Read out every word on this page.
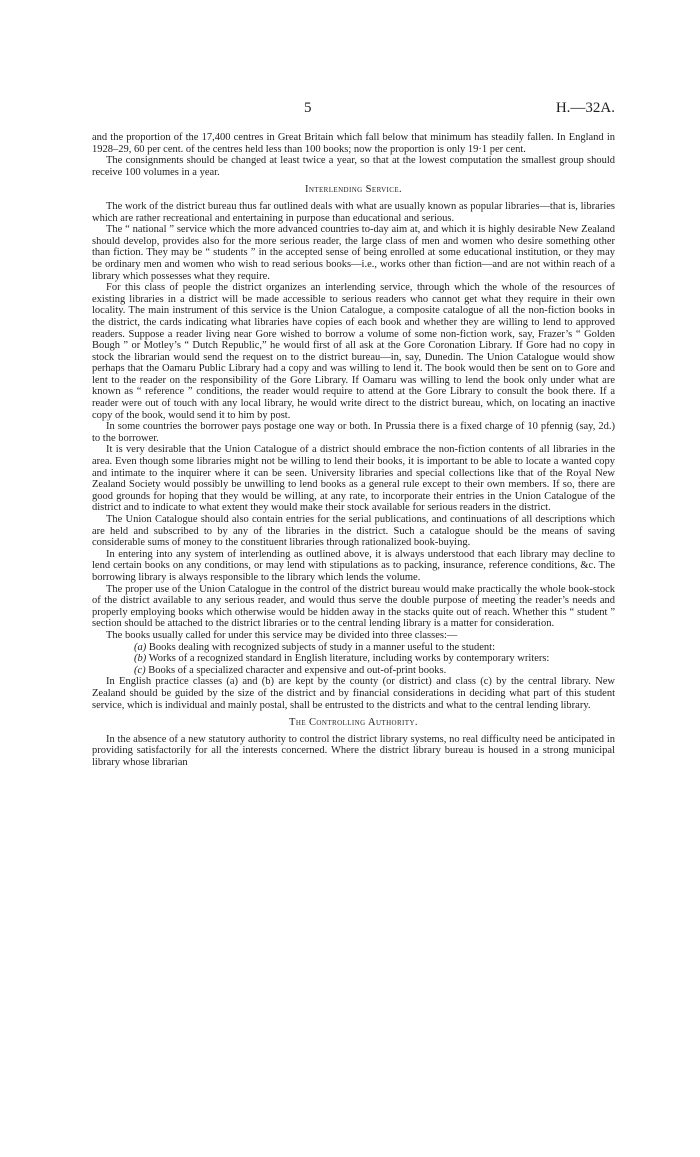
5	H.—32A.

and the proportion of the 17,400 centres in Great Britain which fall below that minimum has steadily fallen. In England in 1928–29, 60 per cent. of the centres held less than 100 books; now the proportion is only 19·1 per cent.

The consignments should be changed at least twice a year, so that at the lowest computation the smallest group should receive 100 volumes in a year.

Interlending Service.

The work of the district bureau thus far outlined deals with what are usually known as popular libraries—that is, libraries which are rather recreational and entertaining in purpose than educational and serious.

The “ national ” service which the more advanced countries to-day aim at, and which it is highly desirable New Zealand should develop, provides also for the more serious reader, the large class of men and women who desire something other than fiction. They may be “ students ” in the accepted sense of being enrolled at some educational institution, or they may be ordinary men and women who wish to read serious books—i.e., works other than fiction—and are not within reach of a library which possesses what they require.

For this class of people the district organizes an interlending service, through which the whole of the resources of existing libraries in a district will be made accessible to serious readers who cannot get what they require in their own locality. The main instrument of this service is the Union Catalogue, a composite catalogue of all the non-fiction books in the district, the cards indicating what libraries have copies of each book and whether they are willing to lend to approved readers. Suppose a reader living near Gore wished to borrow a volume of some non-fiction work, say, Frazer’s “ Golden Bough ” or Motley’s “ Dutch Republic,” he would first of all ask at the Gore Coronation Library. If Gore had no copy in stock the librarian would send the request on to the district bureau—in, say, Dunedin. The Union Catalogue would show perhaps that the Oamaru Public Library had a copy and was willing to lend it. The book would then be sent on to Gore and lent to the reader on the responsibility of the Gore Library. If Oamaru was willing to lend the book only under what are known as “ reference ” conditions, the reader would require to attend at the Gore Library to consult the book there. If a reader were out of touch with any local library, he would write direct to the district bureau, which, on locating an inactive copy of the book, would send it to him by post.

In some countries the borrower pays postage one way or both. In Prussia there is a fixed charge of 10 pfennig (say, 2d.) to the borrower.

It is very desirable that the Union Catalogue of a district should embrace the non-fiction contents of all libraries in the area. Even though some libraries might not be willing to lend their books, it is important to be able to locate a wanted copy and intimate to the inquirer where it can be seen. University libraries and special collections like that of the Royal New Zealand Society would possibly be unwilling to lend books as a general rule except to their own members. If so, there are good grounds for hoping that they would be willing, at any rate, to incorporate their entries in the Union Catalogue of the district and to indicate to what extent they would make their stock available for serious readers in the district.

The Union Catalogue should also contain entries for the serial publications, and continuations of all descriptions which are held and subscribed to by any of the libraries in the district. Such a catalogue should be the means of saving considerable sums of money to the constituent libraries through rationalized book-buying.

In entering into any system of interlending as outlined above, it is always understood that each library may decline to lend certain books on any conditions, or may lend with stipulations as to packing, insurance, reference conditions, &c. The borrowing library is always responsible to the library which lends the volume.

The proper use of the Union Catalogue in the control of the district bureau would make practically the whole book-stock of the district available to any serious reader, and would thus serve the double purpose of meeting the reader’s needs and properly employing books which otherwise would be hidden away in the stacks quite out of reach. Whether this “ student ” section should be attached to the district libraries or to the central lending library is a matter for consideration.

The books usually called for under this service may be divided into three classes:—

(a) Books dealing with recognized subjects of study in a manner useful to the student:
(b) Works of a recognized standard in English literature, including works by contemporary writers:
(c) Books of a specialized character and expensive and out-of-print books.

In English practice classes (a) and (b) are kept by the county (or district) and class (c) by the central library. New Zealand should be guided by the size of the district and by financial considerations in deciding what part of this student service, which is individual and mainly postal, shall be entrusted to the districts and what to the central lending library.

The Controlling Authority.

In the absence of a new statutory authority to control the district library systems, no real difficulty need be anticipated in providing satisfactorily for all the interests concerned. Where the district library bureau is housed in a strong municipal library whose librarian
